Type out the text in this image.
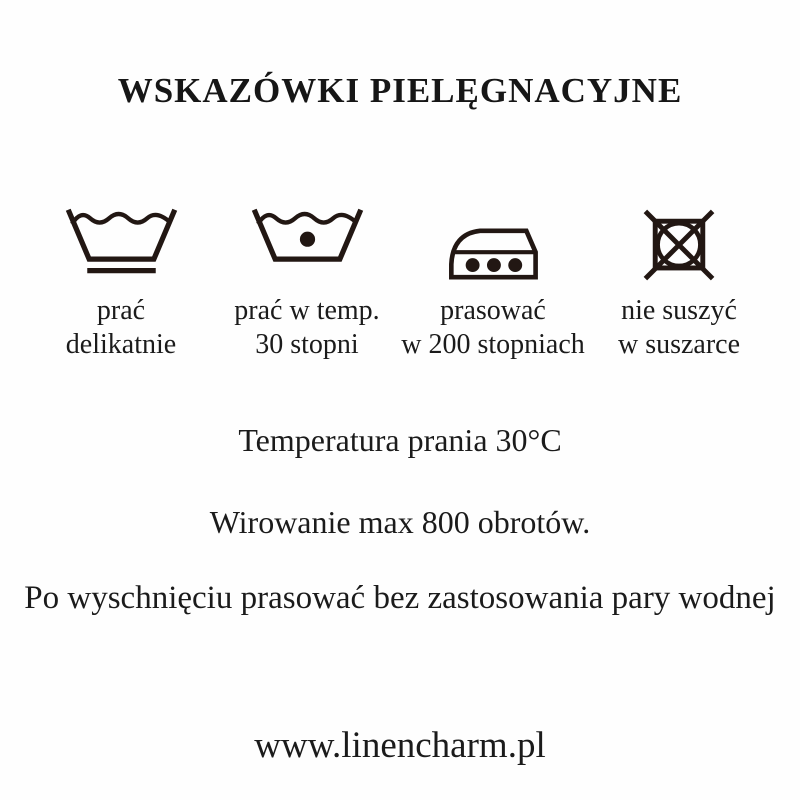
WSKAZÓWKI PIELĘGNACYJNE
prać
delikatnie
prać w temp.
30 stopni
prasować
w 200 stopniach
nie suszyć
w suszarce

Temperatura prania 30°C

Wirowanie max 800 obrotów.

Po wyschnięciu prasować bez zastosowania pary wodnej

www.linencharm.pl
